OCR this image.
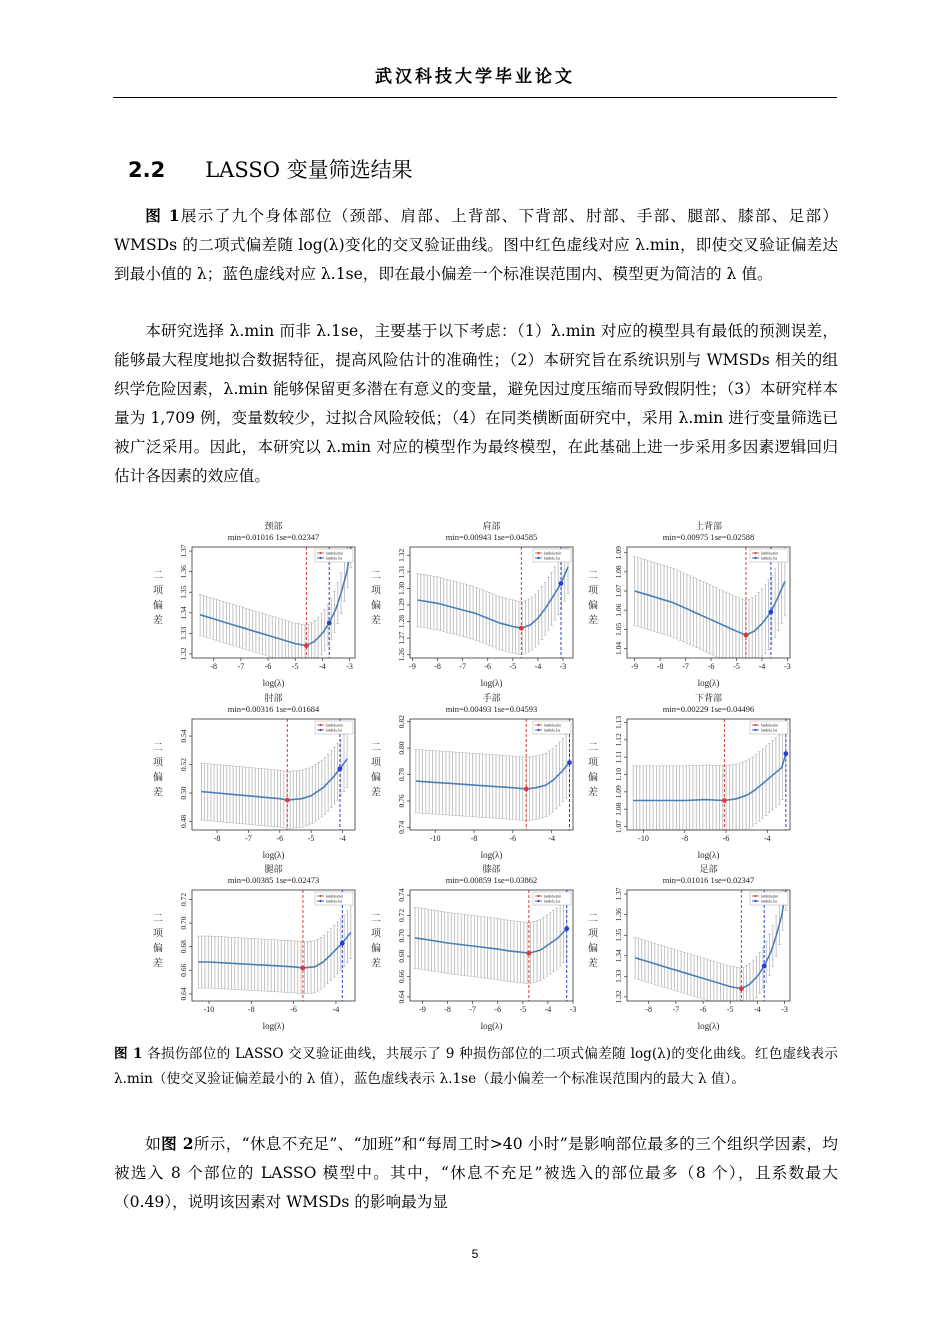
武汉科技大学毕业论文
2.2 LASSO 变量筛选结果

图 1展示了九个身体部位（颈部、肩部、上背部、下背部、肘部、手部、腿部、膝部、足部）WMSDs 的二项式偏差随 log(λ)变化的交叉验证曲线。图中红色虚线对应 λ.min，即使交叉验证偏差达到最小值的 λ；蓝色虚线对应 λ.1se，即在最小偏差一个标准误范围内、模型更为简洁的 λ 值。

本研究选择 λ.min 而非 λ.1se，主要基于以下考虑：（1）λ.min 对应的模型具有最低的预测误差，能够最大程度地拟合数据特征，提高风险估计的准确性；（2）本研究旨在系统识别与 WMSDs 相关的组织学危险因素，λ.min 能够保留更多潜在有意义的变量，避免因过度压缩而导致假阴性；（3）本研究样本量为 1,709 例，变量数较少，过拟合风险较低；（4）在同类横断面研究中，采用 λ.min 进行变量筛选已被广泛采用。因此，本研究以 λ.min 对应的模型作为最终模型，在此基础上进一步采用多因素逻辑回归估计各因素的效应值。

颈部
min=0.01016 1se=0.02347
lambda.min
lambda.1se
-8	-7	-6	-5	-4	-3
log(λ)
1.32
1.33
1.34
1.35
1.36
1.37
二项偏差
肩部
min=0.00943 1se=0.04585
lambda.min
lambda.1se
-9 -8 -7 -6 -5 -4 -3
log(λ)
1.26
1.27
1.28
1.29
1.30
1.31
1.32
二项偏差
上背部
min=0.00975 1se=0.02588
lambda.min
lambda.1se
-9 -8 -7 -6 -5 -4 -3
log(λ)
1.04
1.05
1.06
1.07
1.08
1.09
二项偏差
肘部
min=0.00316 1se=0.01684
lambda.min
lambda.1se
-8	-7	-6	-5	-4
log(λ)
0.48
0.50
0.52
0.54
二项偏差
手部
min=0.00493 1se=0.04593
lambda.min
lambda.1se
-10	-8	-6	-4
log(λ)
0.74
0.76
0.78
0.80
0.82
二项偏差
下背部
min=0.00229 1se=0.04496
lambda.min
lambda.1se
-10	-8	-6	-4
log(λ)
1.07
1.08
1.09
1.10
1.11
1.12
1.13
二项偏差
腿部
min=0.00385 1se=0.02473
lambda.min
lambda.1se
-10	-8	-6	-4
log(λ)
0.64
0.66
0.68
0.70
0.72
二项偏差
膝部
min=0.00859 1se=0.03862
lambda.min
lambda.1se
-9 -8 -7 -6 -5 -4 -3
log(λ)
0.64
0.66
0.68
0.70
0.72
0.74
二项偏差
足部
min=0.01016 1se=0.02347
lambda.min
lambda.1se
-8	-7	-6	-5	-4	-3
log(λ)
1.32
1.33
1.34
1.35
1.36
1.37
二项偏差

图 1 各损伤部位的 LASSO 交叉验证曲线，共展示了 9 种损伤部位的二项式偏差随 log(λ)的变化曲线。红色虚线表示 λ.min（使交叉验证偏差最小的 λ 值），蓝色虚线表示 λ.1se（最小偏差一个标准误范围内的最大 λ 值）。

如图 2所示，“休息不充足”、“加班”和“每周工时>40 小时”是影响部位最多的三个组织学因素，均被选入 8 个部位的 LASSO 模型中。其中，“休息不充足”被选入的部位最多（8 个），且系数最大（0.49），说明该因素对 WMSDs 的影响最为显

5
